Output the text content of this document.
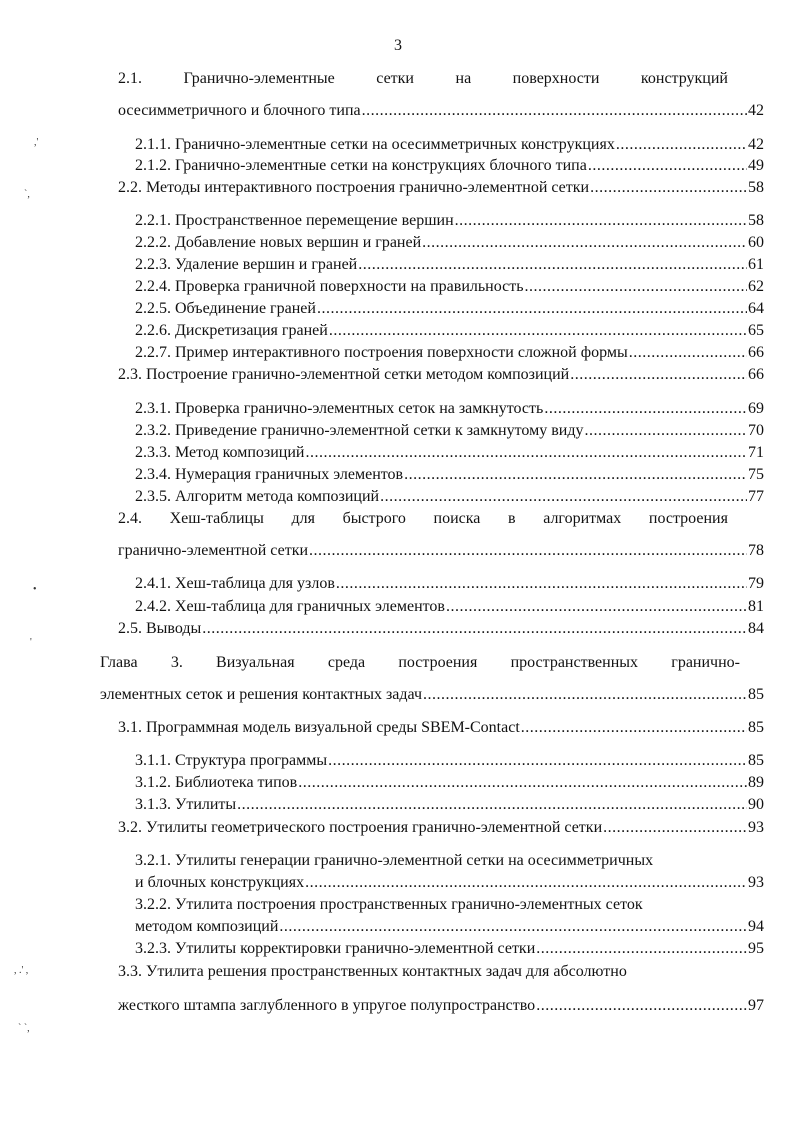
3
2.1.	Гранично-элементные	сетки	на	поверхности	конструкций
осесимметричного и блочного типа .....	42
2.1.1. Гранично-элементные сетки на осесимметричных конструкциях .....	42
2.1.2. Гранично-элементные сетки на конструкциях блочного типа .....	49
2.2. Методы интерактивного построения гранично-элементной сетки .....	58
2.2.1. Пространственное перемещение вершин .....	58
2.2.2. Добавление новых вершин и граней .....	60
2.2.3. Удаление вершин и граней .....	61
2.2.4. Проверка граничной поверхности на правильность .....	62
2.2.5. Объединение граней .....	64
2.2.6. Дискретизация граней .....	65
2.2.7. Пример интерактивного построения поверхности сложной формы .....	66
2.3. Построение гранично-элементной сетки методом композиций .....	66
2.3.1. Проверка гранично-элементных сеток на замкнутость .....	69
2.3.2. Приведение гранично-элементной сетки к замкнутому виду .....	70
2.3.3. Метод композиций .....	71
2.3.4. Нумерация граничных элементов .....	75
2.3.5. Алгоритм метода композиций .....	77
2.4. Хеш-таблицы для быстрого поиска в алгоритмах построения
гранично-элементной сетки .....	78
2.4.1. Хеш-таблица для узлов .....	79
2.4.2. Хеш-таблица для граничных элементов .....	81
2.5. Выводы .....	84
Глава 3. Визуальная среда построения пространственных гранично-
элементных сеток и решения контактных задач .....	85
3.1. Программная модель визуальной среды SBEM-Contact .....	85
3.1.1. Структура программы .....	85
3.1.2. Библиотека типов .....	89
3.1.3. Утилиты .....	90
3.2. Утилиты геометрического построения гранично-элементной сетки .....	93
3.2.1. Утилиты генерации гранично-элементной сетки на осесимметричных
и блочных конструкциях .....	93
3.2.2. Утилита построения пространственных гранично-элементных сеток
методом композиций .....	94
3.2.3. Утилиты корректировки гранично-элементной сетки .....	95
3.3. Утилита решения пространственных контактных задач для абсолютно
жесткого штампа заглубленного в упругое полупространство .....	97
,'
`,
•
'
, .' ,
` `,
